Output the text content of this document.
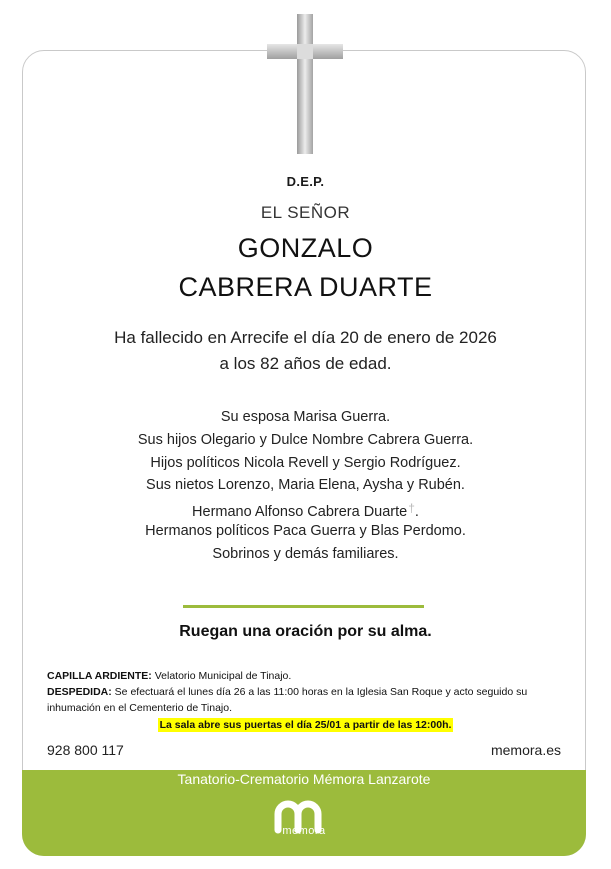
D.E.P.
EL SEÑOR
GONZALO
CABRERA DUARTE
Ha fallecido en Arrecife el día 20 de enero de 2026
a los 82 años de edad.
Su esposa Marisa Guerra.
Sus hijos Olegario y Dulce Nombre Cabrera Guerra.
Hijos políticos Nicola Revell y Sergio Rodríguez.
Sus nietos Lorenzo, Maria Elena, Aysha y Rubén.
Hermano Alfonso Cabrera Duarte†.
Hermanos políticos Paca Guerra y Blas Perdomo.
Sobrinos y demás familiares.
Ruegan una oración por su alma.

CAPILLA ARDIENTE: Velatorio Municipal de Tinajo.

DESPEDIDA: Se efectuará el lunes día 26 a las 11:00 horas en la Iglesia San Roque y acto seguido su inhumación en el Cementerio de Tinajo.

La sala abre sus puertas el día 25/01 a partir de las 12:00h.
928 800 117	memora.es
Tanatorio-Crematorio Mémora Lanzarote
mémora
